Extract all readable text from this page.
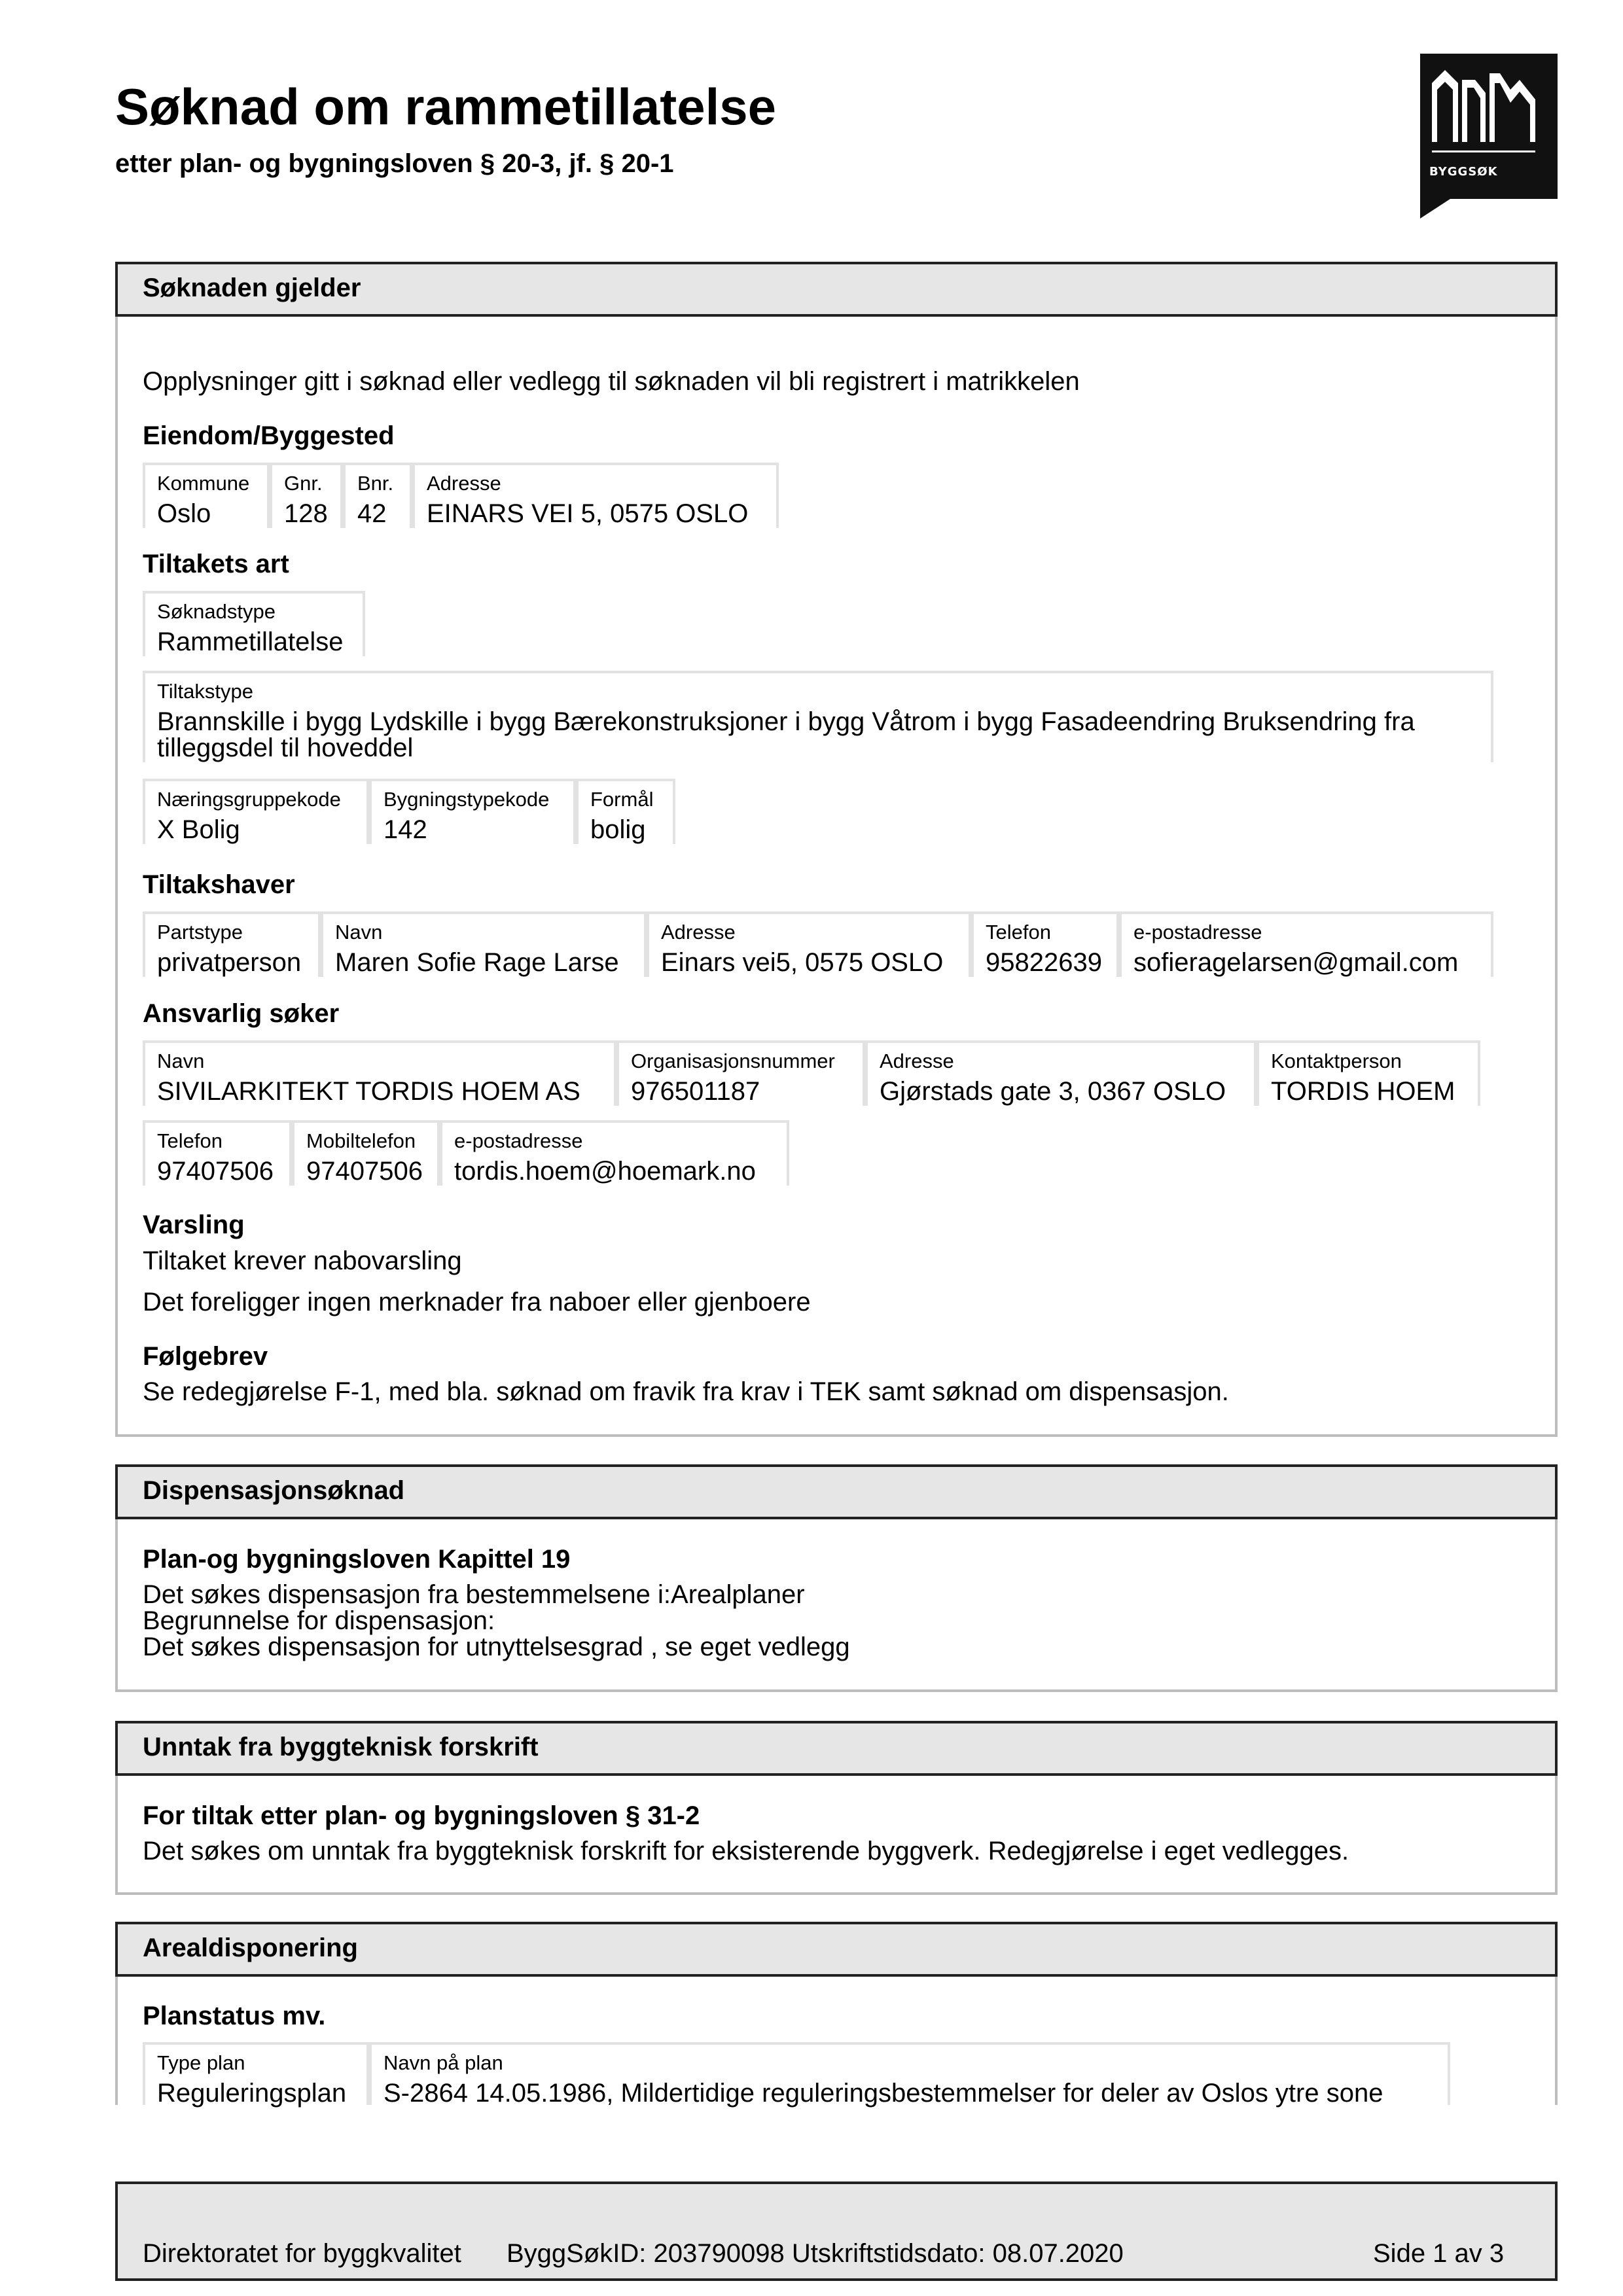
Søknad om rammetillatelse
etter plan- og bygningsloven § 20-3, jf. § 20-1	BYGGSØK
Søknaden gjelder
Opplysninger gitt i søknad eller vedlegg til søknaden vil bli registrert i matrikkelen
Eiendom/Byggested
Kommune
Oslo
Gnr.
128
Bnr.
42
Adresse
EINARS VEI 5, 0575 OSLO
Tiltakets art
Søknadstype
Rammetillatelse
Tiltakstype
Brannskille i bygg Lydskille i bygg Bærekonstruksjoner i bygg Våtrom i bygg Fasadeendring Bruksendring fra
tilleggsdel til hoveddel
Næringsgruppekode
X Bolig
Bygningstypekode
142
Formål
bolig
Tiltakshaver
Partstype
privatperson
Navn
Maren Sofie Rage Larse
Adresse
Einars vei5, 0575 OSLO
Telefon
95822639
e-postadresse
sofieragelarsen@gmail.com
Ansvarlig søker
Navn
SIVILARKITEKT TORDIS HOEM AS
Organisasjonsnummer
976501187
Adresse
Gjørstads gate 3, 0367 OSLO
Kontaktperson
TORDIS HOEM
Telefon
97407506
Mobiltelefon
97407506
e-postadresse
tordis.hoem@hoemark.no
Varsling
Tiltaket krever nabovarsling
Det foreligger ingen merknader fra naboer eller gjenboere
Følgebrev
Se redegjørelse F-1, med bla. søknad om fravik fra krav i TEK samt søknad om dispensasjon.
Dispensasjonsøknad
Plan-og bygningsloven Kapittel 19
Det søkes dispensasjon fra bestemmelsene i:Arealplaner
Begrunnelse for dispensasjon:
Det søkes dispensasjon for utnyttelsesgrad , se eget vedlegg
Unntak fra byggteknisk forskrift
For tiltak etter plan- og bygningsloven § 31-2
Det søkes om unntak fra byggteknisk forskrift for eksisterende byggverk. Redegjørelse i eget vedlegges.
Arealdisponering
Planstatus mv.
Type plan
Reguleringsplan
Navn på plan
S-2864 14.05.1986, Mildertidige reguleringsbestemmelser for deler av Oslos ytre sone
Direktoratet for byggkvalitet ByggSøkID: 203790098 Utskriftstidsdato: 08.07.2020	Side 1 av 3
